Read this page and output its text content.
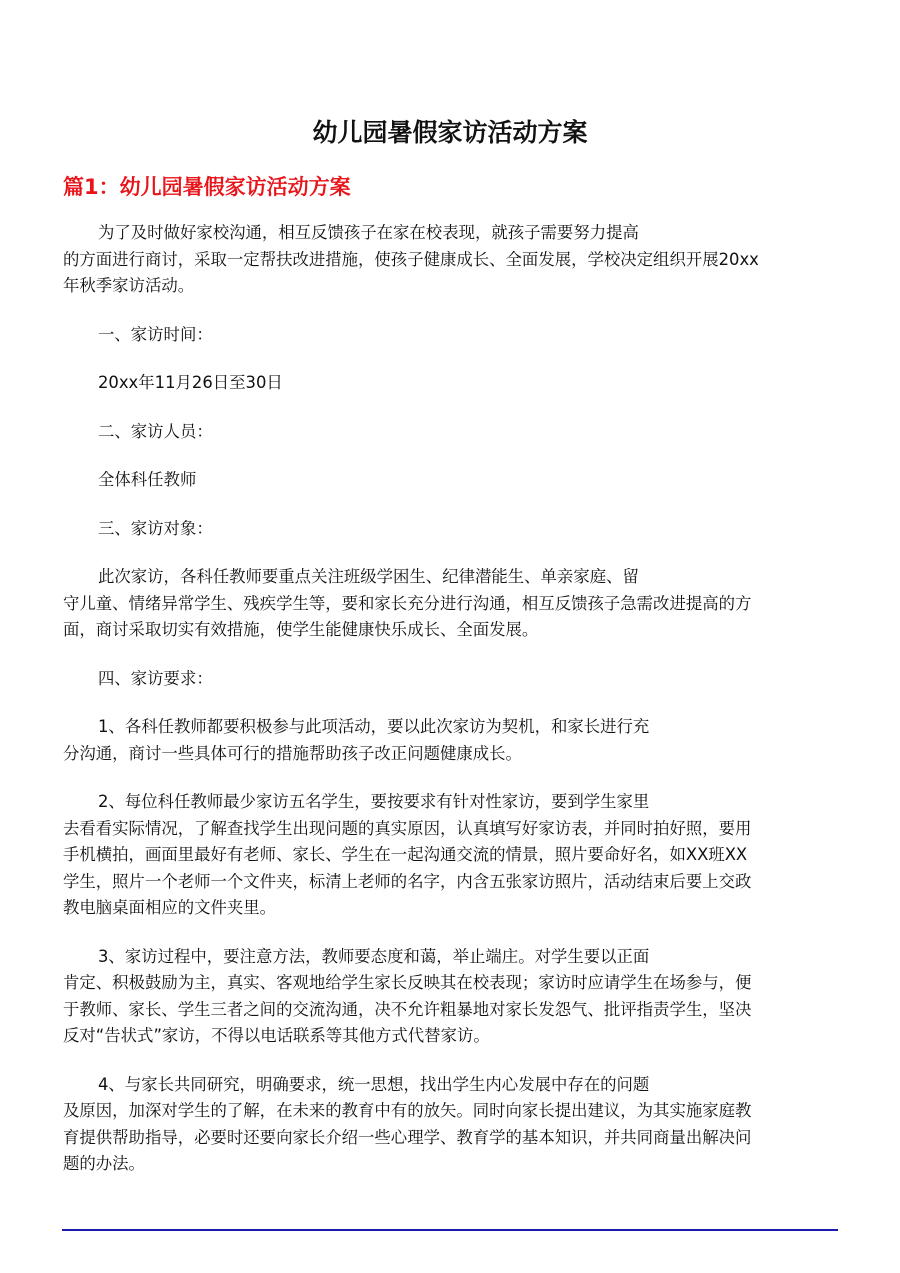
幼儿园暑假家访活动方案
篇1：幼儿园暑假家访活动方案
为了及时做好家校沟通，相互反馈孩子在家在校表现，就孩子需要努力提高
的方面进行商讨，采取一定帮扶改进措施，使孩子健康成长、全面发展，学校决定组织开展20xx
年秋季家访活动。
一、家访时间：
20xx年11月26日至30日
二、家访人员：
全体科任教师
三、家访对象：
此次家访，各科任教师要重点关注班级学困生、纪律潜能生、单亲家庭、留
守儿童、情绪异常学生、残疾学生等，要和家长充分进行沟通，相互反馈孩子急需改进提高的方
面，商讨采取切实有效措施，使学生能健康快乐成长、全面发展。
四、家访要求：
1、各科任教师都要积极参与此项活动，要以此次家访为契机，和家长进行充
分沟通，商讨一些具体可行的措施帮助孩子改正问题健康成长。
2、每位科任教师最少家访五名学生，要按要求有针对性家访，要到学生家里
去看看实际情况，了解查找学生出现问题的真实原因，认真填写好家访表，并同时拍好照，要用
手机横拍，画面里最好有老师、家长、学生在一起沟通交流的情景，照片要命好名，如XX班XX
学生，照片一个老师一个文件夹，标清上老师的名字，内含五张家访照片，活动结束后要上交政
教电脑桌面相应的文件夹里。
3、家访过程中，要注意方法，教师要态度和蔼，举止端庄。对学生要以正面
肯定、积极鼓励为主，真实、客观地给学生家长反映其在校表现；家访时应请学生在场参与，便
于教师、家长、学生三者之间的交流沟通，决不允许粗暴地对家长发怨气、批评指责学生，坚决
反对“告状式”家访，不得以电话联系等其他方式代替家访。
4、与家长共同研究，明确要求，统一思想，找出学生内心发展中存在的问题
及原因，加深对学生的了解，在未来的教育中有的放矢。同时向家长提出建议，为其实施家庭教
育提供帮助指导，必要时还要向家长介绍一些心理学、教育学的基本知识，并共同商量出解决问
题的办法。
